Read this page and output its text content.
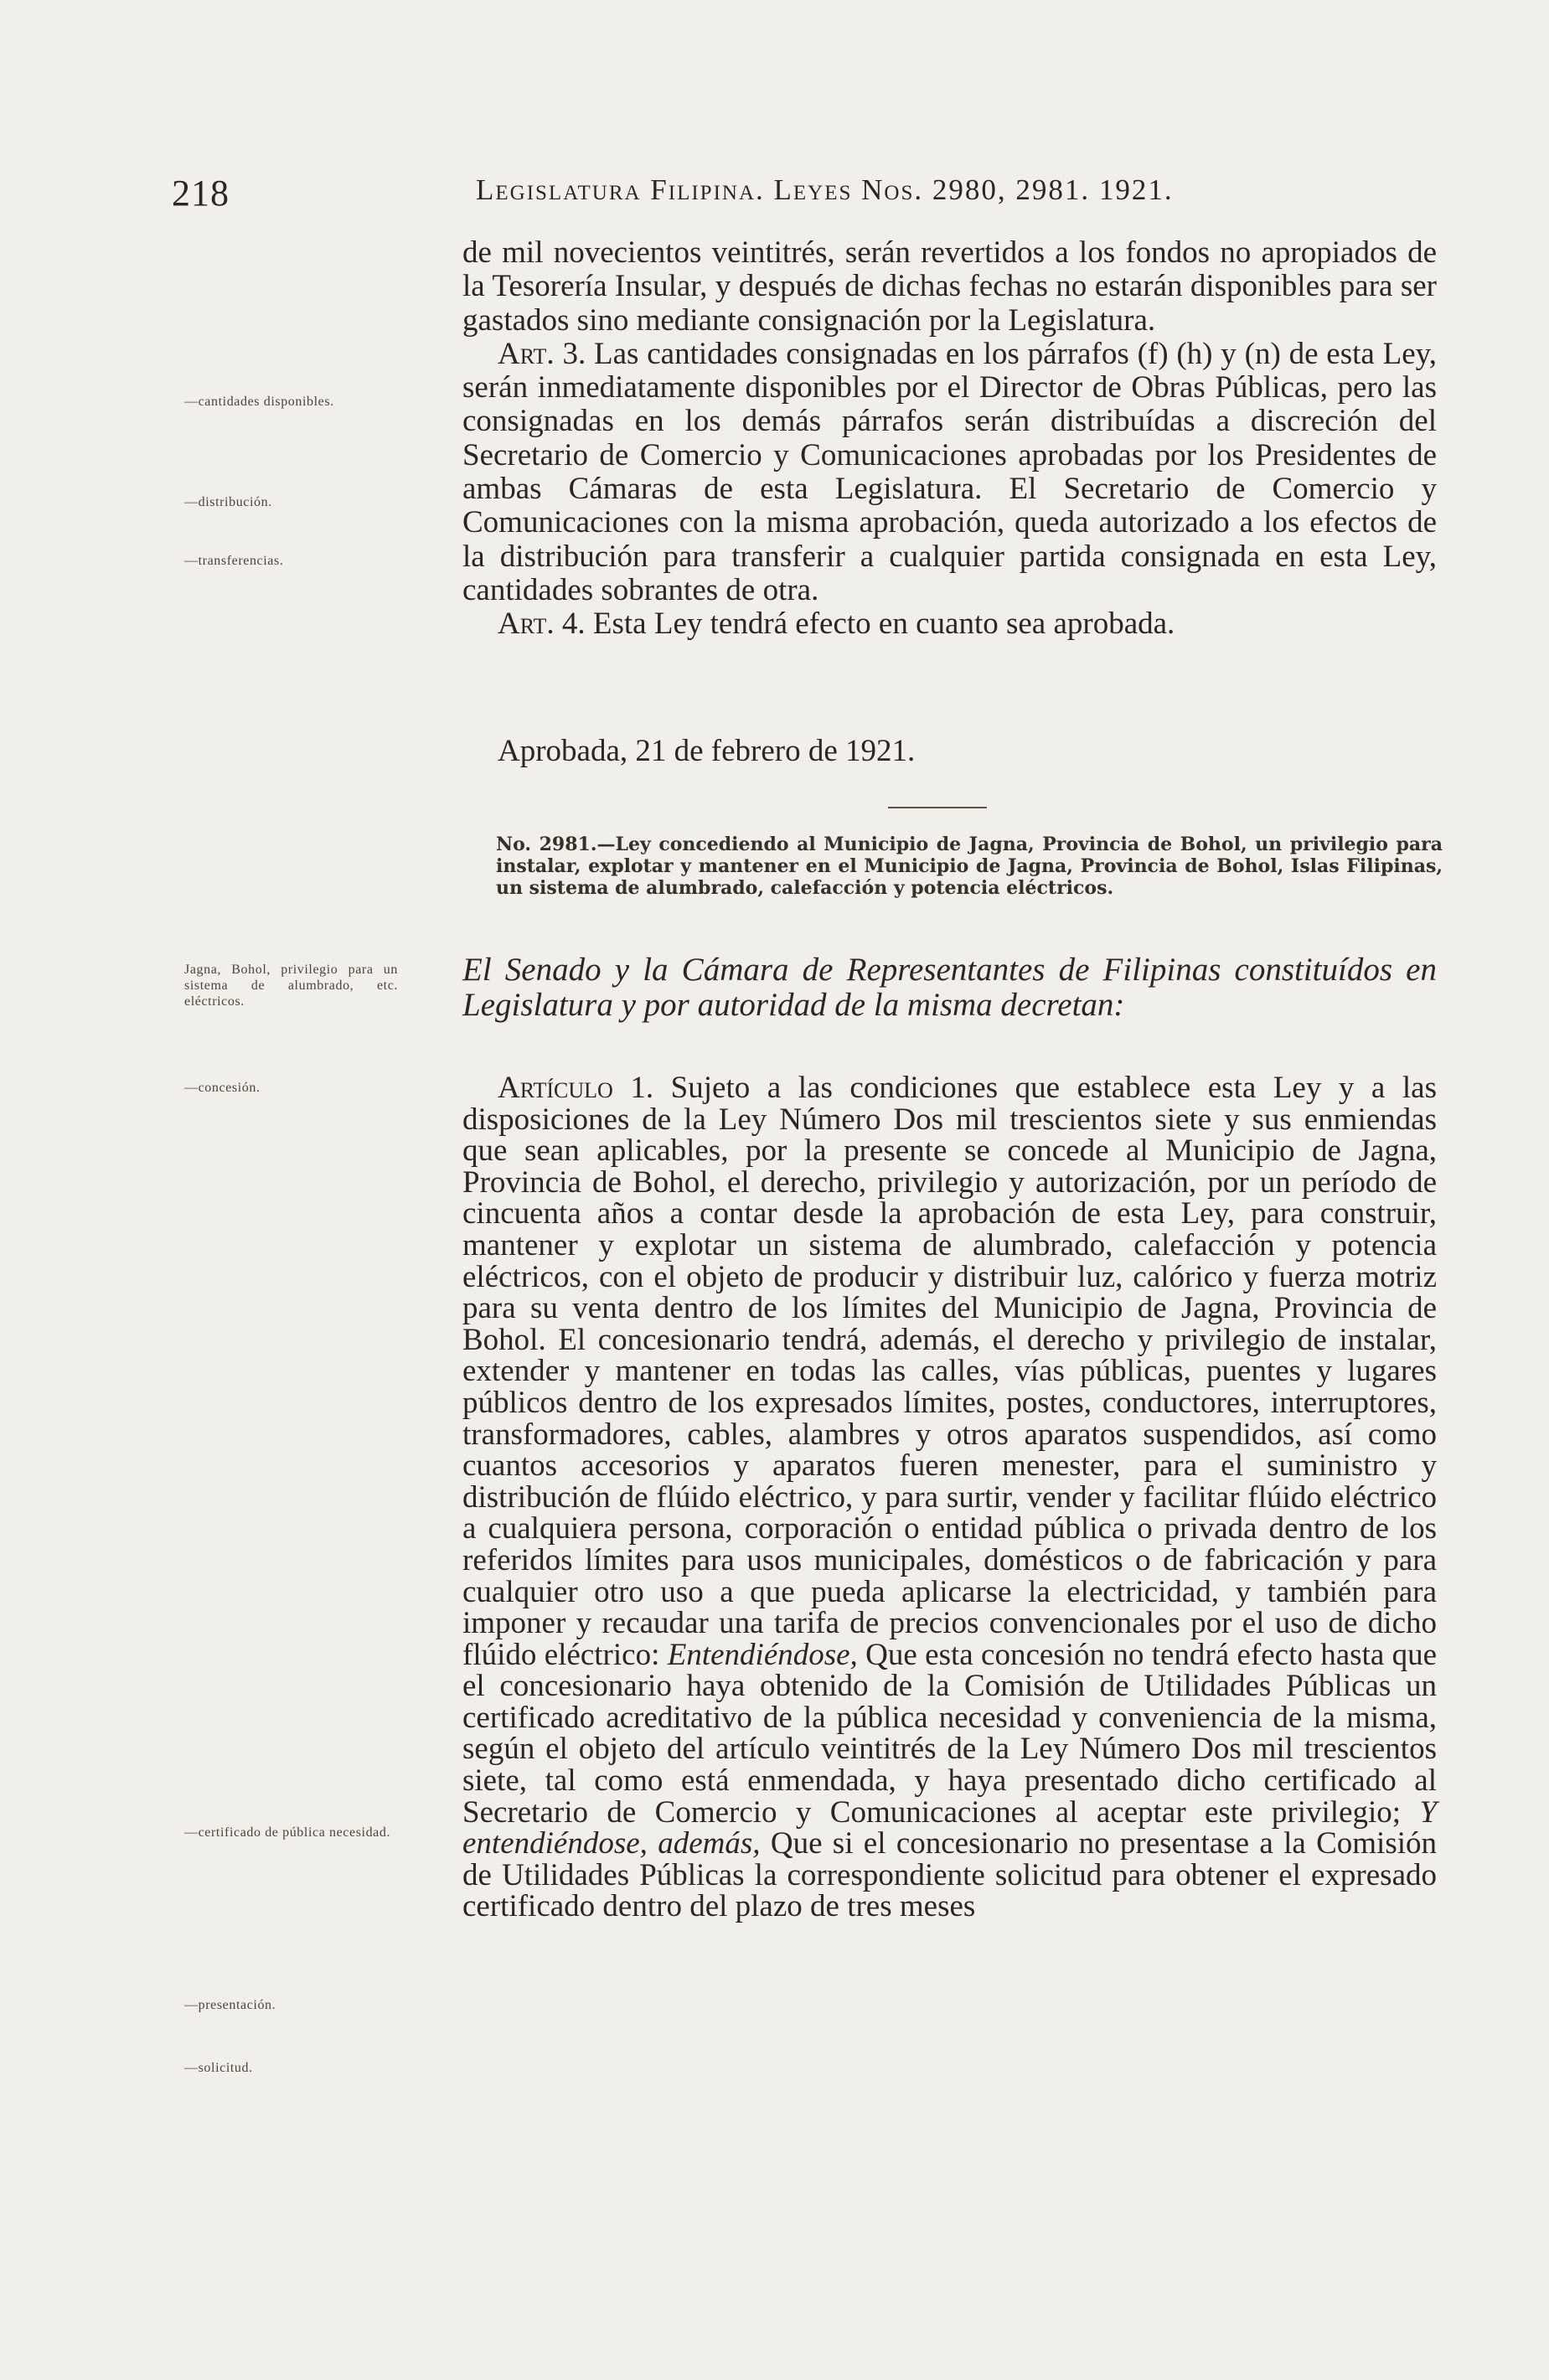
218	Legislatura Filipina. Leyes Nos. 2980, 2981. 1921.

de mil novecientos veintitrés, serán revertidos a los fondos no apropiados de la Tesorería Insular, y después de dichas fechas no estarán disponibles para ser gastados sino mediante consignación por la Legislatura.

Art. 3. Las cantidades consignadas en los párrafos (f) (h) y (n) de esta Ley, serán inmediatamente disponibles por el Director de Obras Públicas, pero las consignadas en los demás párrafos serán distribuídas a discreción del Secretario de Comercio y Comunicaciones aprobadas por los Presidentes de ambas Cámaras de esta Legislatura. El Secretario de Comercio y Comunicaciones con la misma aprobación, queda autorizado a los efectos de la distribución para transferir a cualquier partida consignada en esta Ley, cantidades sobrantes de otra.

Art. 4. Esta Ley tendrá efecto en cuanto sea aprobada.

Aprobada, 21 de febrero de 1921.
No. 2981.—Ley concediendo al Municipio de Jagna, Provincia de Bohol, un privilegio para instalar, explotar y mantener en el Municipio de Jagna, Provincia de Bohol, Islas Filipinas, un sistema de alumbrado, calefacción y potencia eléctricos.
El Senado y la Cámara de Representantes de Filipinas constituídos en Legislatura y por autoridad de la misma decretan:

Artículo 1. Sujeto a las condiciones que establece esta Ley y a las disposiciones de la Ley Número Dos mil trescientos siete y sus enmiendas que sean aplicables, por la presente se concede al Municipio de Jagna, Provincia de Bohol, el derecho, privilegio y autorización, por un período de cincuenta años a contar desde la aprobación de esta Ley, para construir, mantener y explotar un sistema de alumbrado, calefacción y potencia eléctricos, con el objeto de producir y distribuir luz, calórico y fuerza motriz para su venta dentro de los límites del Municipio de Jagna, Provincia de Bohol. El concesionario tendrá, además, el derecho y privilegio de instalar, extender y mantener en todas las calles, vías públicas, puentes y lugares públicos dentro de los expresados límites, postes, conductores, interruptores, transformadores, cables, alambres y otros aparatos suspendidos, así como cuantos accesorios y aparatos fueren menester, para el suministro y distribución de flúido eléctrico, y para surtir, vender y facilitar flúido eléctrico a cualquiera persona, corporación o entidad pública o privada dentro de los referidos límites para usos municipales, domésticos o de fabricación y para cualquier otro uso a que pueda aplicarse la electricidad, y también para imponer y recaudar una tarifa de precios convencionales por el uso de dicho flúido eléctrico: Entendiéndose, Que esta concesión no tendrá efecto hasta que el concesionario haya obtenido de la Comisión de Utilidades Públicas un certificado acreditativo de la pública necesidad y conveniencia de la misma, según el objeto del artículo veintitrés de la Ley Número Dos mil trescientos siete, tal como está enmendada, y haya presentado dicho certificado al Secretario de Comercio y Comunicaciones al aceptar este privilegio; Y entendiéndose, además, Que si el concesionario no presentase a la Comisión de Utilidades Públicas la correspondiente solicitud para obtener el expresado certificado dentro del plazo de tres meses

—cantidades disponibles.
—distribución.
—transferencias.
Jagna, Bohol, privilegio para un sistema de alumbrado, etc. eléctricos.
—concesión.
—certificado de pública necesidad.
—presentación.
—solicitud.
